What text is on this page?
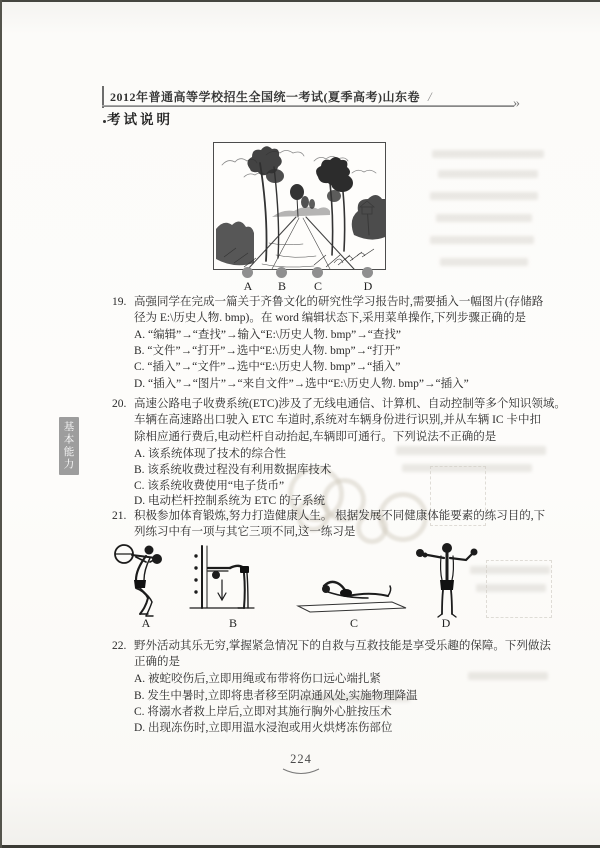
2012年普通高等学校招生全国统一考试(夏季高考)山东卷 /	»
考试说明
A	B	C	D
19. 高强同学在完成一篇关于齐鲁文化的研究性学习报告时,需要插入一幅图片(存储路
径为 E:\历史人物. bmp)。在 word 编辑状态下,采用菜单操作,下列步骤正确的是
A. “编辑”→“查找”→输入“E:\历史人物. bmp”→“查找”
B. “文件”→“打开”→选中“E:\历史人物. bmp”→“打开”
C. “插入”→“文件”→选中“E:\历史人物. bmp”→“插入”
D. “插入”→“图片”→“来自文件”→选中“E:\历史人物. bmp”→“插入”
20. 高速公路电子收费系统(ETC)涉及了无线电通信、计算机、自动控制等多个知识领域。
车辆在高速路出口驶入 ETC 车道时,系统对车辆身份进行识别,并从车辆 IC 卡中扣
除相应通行费后,电动栏杆自动抬起,车辆即可通行。下列说法不正确的是
A. 该系统体现了技术的综合性
B. 该系统收费过程没有利用数据库技术
C. 该系统收费使用“电子货币”
D. 电动栏杆控制系统为 ETC 的子系统
21. 积极参加体育锻炼,努力打造健康人生。 根据发展不同健康体能要素的练习目的,下
列练习中有一项与其它三项不同,这一练习是
A	B	C	D
22. 野外活动其乐无穷,掌握紧急情况下的自救与互救技能是享受乐趣的保障。下列做法
正确的是
A. 被蛇咬伤后,立即用绳或布带将伤口远心端扎紧
B. 发生中暑时,立即将患者移至阴凉通风处,实施物理降温
C. 将溺水者救上岸后,立即对其施行胸外心脏按压术
D. 出现冻伤时,立即用温水浸泡或用火烘烤冻伤部位
基本能力
224
